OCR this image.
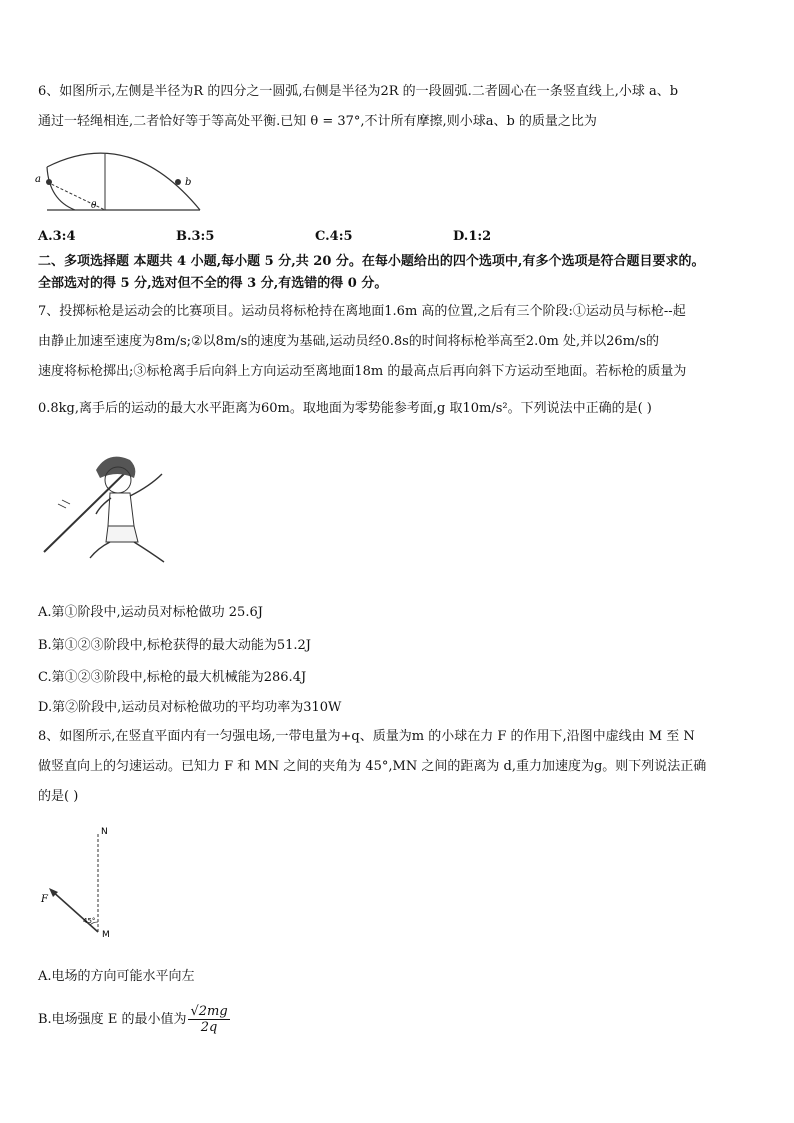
6、如图所示,左侧是半径为R 的四分之一圆弧,右侧是半径为2R 的一段圆弧.二者圆心在一条竖直线上,小球 a、b
通过一轻绳相连,二者恰好等于等高处平衡.已知 θ = 37°,不计所有摩擦,则小球a、b 的质量之比为
a	b
θ
A.3:4	B.3:5	C.4:5	D.1:2
二、多项选择题 本题共 4 小题,每小题 5 分,共 20 分。在每小题给出的四个选项中,有多个选项是符合题目要求的。
全部选对的得 5 分,选对但不全的得 3 分,有选错的得 0 分。
7、投掷标枪是运动会的比赛项目。运动员将标枪持在离地面1.6m 高的位置,之后有三个阶段:①运动员与标枪--起
由静止加速至速度为8m/s;②以8m/s的速度为基础,运动员经0.8s的时间将标枪举高至2.0m 处,并以26m/s的
速度将标枪掷出;③标枪离手后向斜上方向运动至离地面18m 的最高点后再向斜下方运动至地面。若标枪的质量为
0.8kg,离手后的运动的最大水平距离为60m。取地面为零势能参考面,g 取10m/s²。下列说法中正确的是( )
A.第①阶段中,运动员对标枪做功 25.6J
B.第①②③阶段中,标枪获得的最大动能为51.2J
C.第①②③阶段中,标枪的最大机械能为286.4J
D.第②阶段中,运动员对标枪做功的平均功率为310W
8、如图所示,在竖直平面内有一匀强电场,一带电量为+q、质量为m 的小球在力 F 的作用下,沿图中虚线由 M 至 N
做竖直向上的匀速运动。已知力 F 和 MN 之间的夹角为 45°,MN 之间的距离为 d,重力加速度为g。则下列说法正确
的是( )
N
M
F
45°
A.电场的方向可能水平向左
B.电场强度 E 的最小值为 $\frac{√2mg}{2q}$
